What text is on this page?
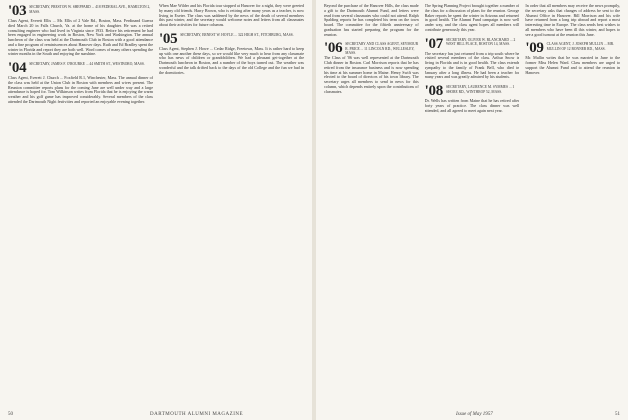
'03 SECRETARY, PRESTON W. SHEPPARD ... 418 FEDERAL AVE., HAMILTON 2, MASS.

Class Agent, Everett Ellis ... Mr. Ellis of 2 Vale Rd., Boston, Mass. Ferdinand Guerra died March 20 in Falls Church, Va. at the home of his daughter. He was a retired consulting engineer who had lived in Virginia since 1933. Before his retirement he had been engaged in engineering work in Boston, New York and Washington. The annual luncheon of the class was held at the Dartmouth Club in Boston with a good attendance and a fine program of reminiscences about Hanover days. Ruth and Ed Bradley spent the winter in Florida and report they are both well. Word comes of many others spending the winter months in the South and enjoying the sunshine.

'04 SECRETARY, JAMES F. O'ROURKE ... 44 SMITH ST., WESTBORO, MASS.

Class Agent, Everett J. Church ... Foxfield R.1, Winchester, Mass. The annual dinner of the class was held at the Union Club in Boston with members and wives present. The Reunion committee reports plans for the coming June are well under way and a large attendance is hoped for. Tom Wilkinson writes from Florida that he is enjoying the warm weather and his golf game has improved considerably. Several members of the class attended the Dartmouth Night festivities and reported an enjoyable evening together.

When Mae Wilder and his Florida tour stopped at Hanover for a night, they were greeted by many old friends. Harry Brown, who is retiring after many years as a teacher, is now living in Exeter. The class was saddened by the news of the death of several members this past winter, and the secretary would welcome notes and letters from all classmates about their activities for future columns.

'05 SECRETARY, ERNEST W. HOYLE ... 322 HIGH ST., FITCHBURG, MASS.

Class Agent, Stephen J. Howe ... Cedar Ridge, Freetown, Mass. It is rather hard to keep up with one another these days, so we would like very much to hear from any classmate who has news of children or grandchildren. We had a pleasant get-together at the Dartmouth luncheon in Boston, and a number of the boys turned out. The weather was wonderful and the talk drifted back to the days of the old College and the fun we had in the dormitories.

50	DARTMOUTH ALUMNI MAGAZINE

Beyond the purchase of the Hanover Hills, the class made a gift to the Dartmouth Alumni Fund, and letters were read from several classmates who could not attend. Ralph Spalding reports he has completed his term on the town board. The committee for the fiftieth anniversary of graduation has started preparing the program for the reunion.

'06 SECRETARY AND CLASS AGENT, SEYMOUR R. PRICE ... 11 LINCOLN RD., WELLESLEY, MASS.

The Class of '06 was well represented at the Dartmouth Club dinner in Boston. Carl Morrison reports that he has retired from the insurance business and is now spending his time at his summer home in Maine. Henry Swift was elected to the board of directors of his town library. The secretary urges all members to send in news for this column, which depends entirely upon the contributions of classmates.

The Spring Planning Project brought together a number of the class for a discussion of plans for the reunion. George Baker reports he spent the winter in Arizona and returned in good health. The Alumni Fund campaign is now well under way, and the class agent hopes all members will contribute generously this year.

'07 SECRETARY, OLIVER W. BLANCHARD ... 2 WEST HILL PLACE, BOSTON 14, MASS.

The secretary has just returned from a trip south where he visited several members of the class. Arthur Snow is living in Florida and is in good health. The class extends sympathy to the family of Frank Bell, who died in January after a long illness. He had been a teacher for many years and was greatly admired by his students.

'08 SECRETARY, LAURENCE M. SYMMES ... 1 SHORE RD., WINTHROP 52, MASS.

Dr. Wells has written from Maine that he has retired after forty years of practice. The class dinner was well attended, and all agreed to meet again next year.

In order that all members may receive the news promptly, the secretary asks that changes of address be sent to the Alumni Office in Hanover. Bill Morrison and his wife have returned from a long trip abroad and report a most interesting time in Europe. The class sends best wishes to all members who have been ill this winter, and hopes to see a good turnout at the reunion this June.

'09 CLASS AGENT, J. JOSEPH MULLIN ... MR. MULLIN OF 12 BONNER RD., MASS.

Mr. Mullin writes that he was married in June to the former Miss Helen Ward. Class members are urged to support the Alumni Fund and to attend the reunion in Hanover.

Issue of May 1957	51
